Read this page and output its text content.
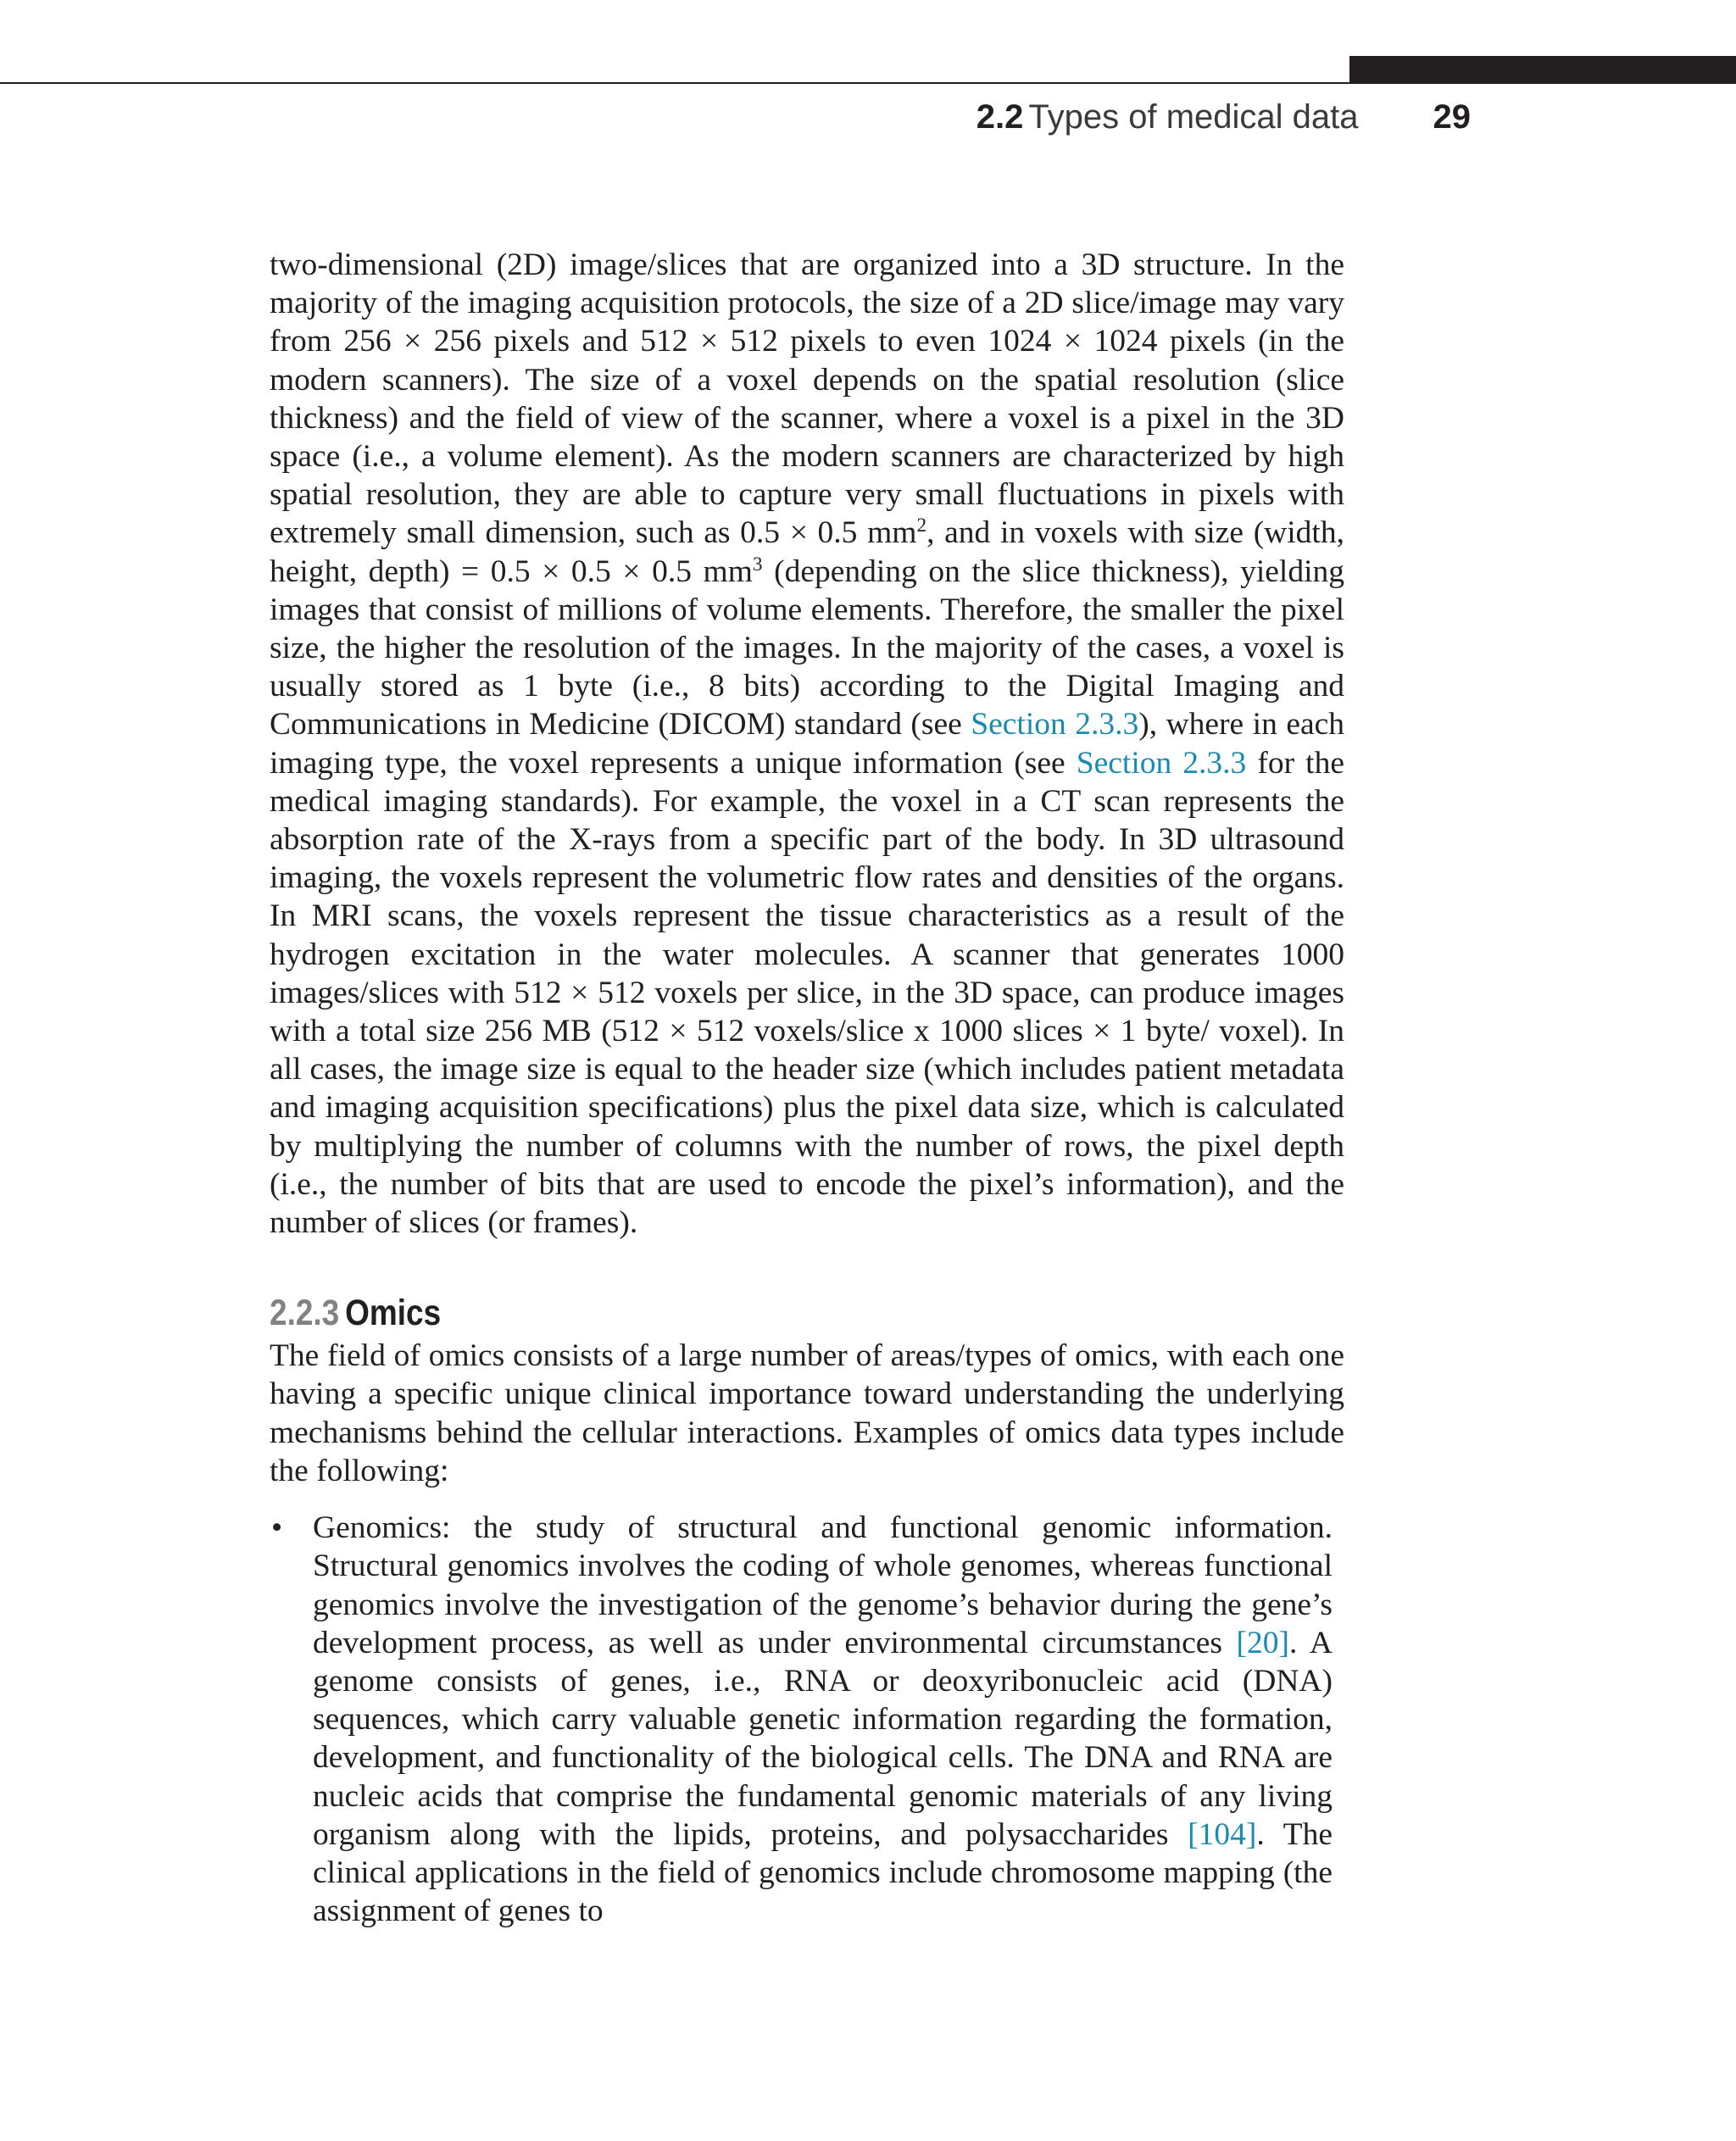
2.2 Types of medical data 29

two-dimensional (2D) image/slices that are organized into a 3D structure. In the majority of the imaging acquisition protocols, the size of a 2D slice/image may vary from 256 × 256 pixels and 512 × 512 pixels to even 1024 × 1024 pixels (in the modern scanners). The size of a voxel depends on the spatial resolution (slice thickness) and the field of view of the scanner, where a voxel is a pixel in the 3D space (i.e., a volume element). As the modern scanners are characterized by high spatial resolution, they are able to capture very small fluctuations in pixels with extremely small dimension, such as 0.5 × 0.5 $mm^2$, and in voxels with size (width, height, depth) = 0.5 × 0.5 × 0.5 $mm^3$ (depending on the slice thickness), yielding images that consist of millions of volume elements. Therefore, the smaller the pixel size, the higher the resolution of the images. In the majority of the cases, a voxel is usually stored as 1 byte (i.e., 8 bits) according to the Digital Imaging and Communications in Medicine (DICOM) standard (see Section 2.3.3), where in each imaging type, the voxel represents a unique information (see Section 2.3.3 for the medical imaging standards). For example, the voxel in a CT scan represents the absorption rate of the X-rays from a specific part of the body. In 3D ultrasound imaging, the voxels represent the volumetric flow rates and densities of the organs. In MRI scans, the voxels represent the tissue characteristics as a result of the hydrogen excitation in the water molecules. A scanner that generates 1000 images/slices with 512 × 512 voxels per slice, in the 3D space, can produce images with a total size 256 MB (512 × 512 voxels/slice x 1000 slices × 1 byte/ voxel). In all cases, the image size is equal to the header size (which includes patient metadata and imaging acquisition specifications) plus the pixel data size, which is calculated by multiplying the number of columns with the number of rows, the pixel depth (i.e., the number of bits that are used to encode the pixel’s information), and the number of slices (or frames).

2.2.3 Omics

The field of omics consists of a large number of areas/types of omics, with each one having a specific unique clinical importance toward understanding the underlying mechanisms behind the cellular interactions. Examples of omics data types include the following:

• Genomics: the study of structural and functional genomic information. Structural genomics involves the coding of whole genomes, whereas functional genomics involve the investigation of the genome’s behavior during the gene’s development process, as well as under environmental circumstances [20]. A genome consists of genes, i.e., RNA or deoxyribonucleic acid (DNA) sequences, which carry valuable genetic information regarding the formation, development, and functionality of the biological cells. The DNA and RNA are nucleic acids that comprise the fundamental genomic materials of any living organism along with the lipids, proteins, and polysaccharides [104]. The clinical applications in the field of genomics include chromosome mapping (the assignment of genes to
